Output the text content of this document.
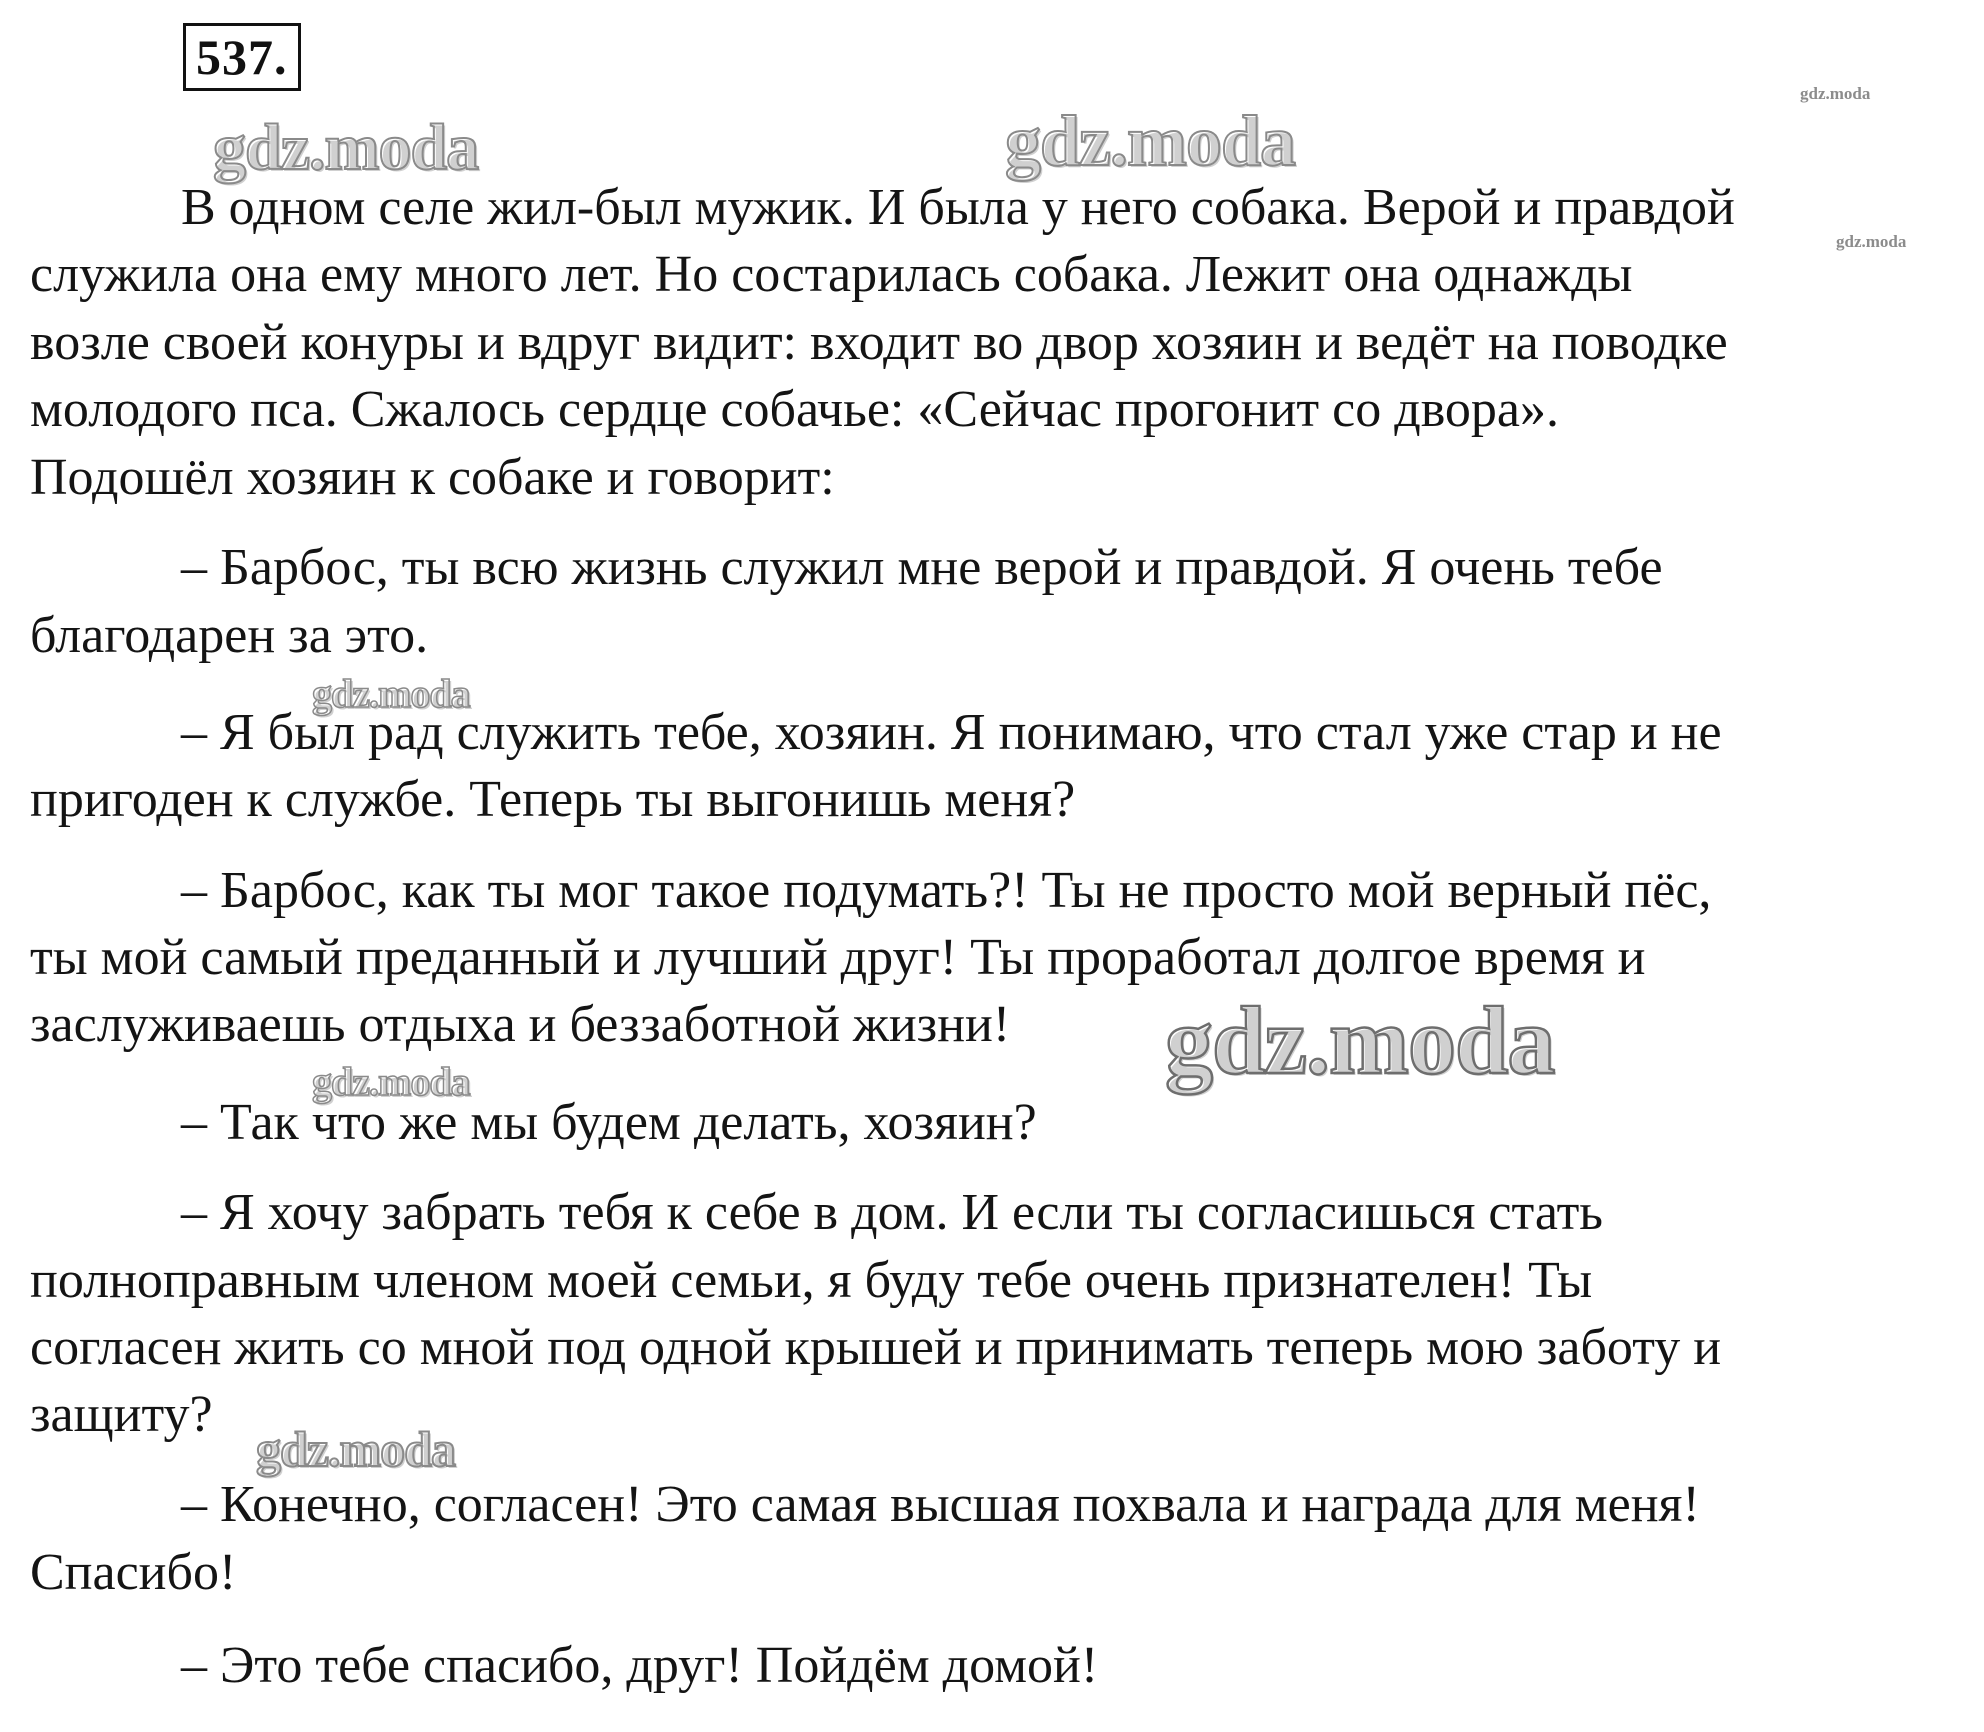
537.
gdz.moda	gdz.moda
gdz.moda
gdz.moda
gdz.moda
gdz.moda
gdz.moda
gdz.moda
В одном селе жил-был мужик. И была у него собака. Верой и правдой
служила она ему много лет. Но состарилась собака. Лежит она однажды
возле своей конуры и вдруг видит: входит во двор хозяин и ведёт на поводке
молодого пса. Сжалось сердце собачье: «Сейчас прогонит со двора».
Подошёл хозяин к собаке и говорит:
– Барбос, ты всю жизнь служил мне верой и правдой. Я очень тебе
благодарен за это.
– Я был рад служить тебе, хозяин. Я понимаю, что стал уже стар и не
пригоден к службе. Теперь ты выгонишь меня?
– Барбос, как ты мог такое подумать?! Ты не просто мой верный пёс,
ты мой самый преданный и лучший друг! Ты проработал долгое время и
заслуживаешь отдыха и беззаботной жизни!
– Так что же мы будем делать, хозяин?
– Я хочу забрать тебя к себе в дом. И если ты согласишься стать
полноправным членом моей семьи, я буду тебе очень признателен! Ты
согласен жить со мной под одной крышей и принимать теперь мою заботу и
защиту?
– Конечно, согласен! Это самая высшая похвала и награда для меня!
Спасибо!
– Это тебе спасибо, друг! Пойдём домой!
